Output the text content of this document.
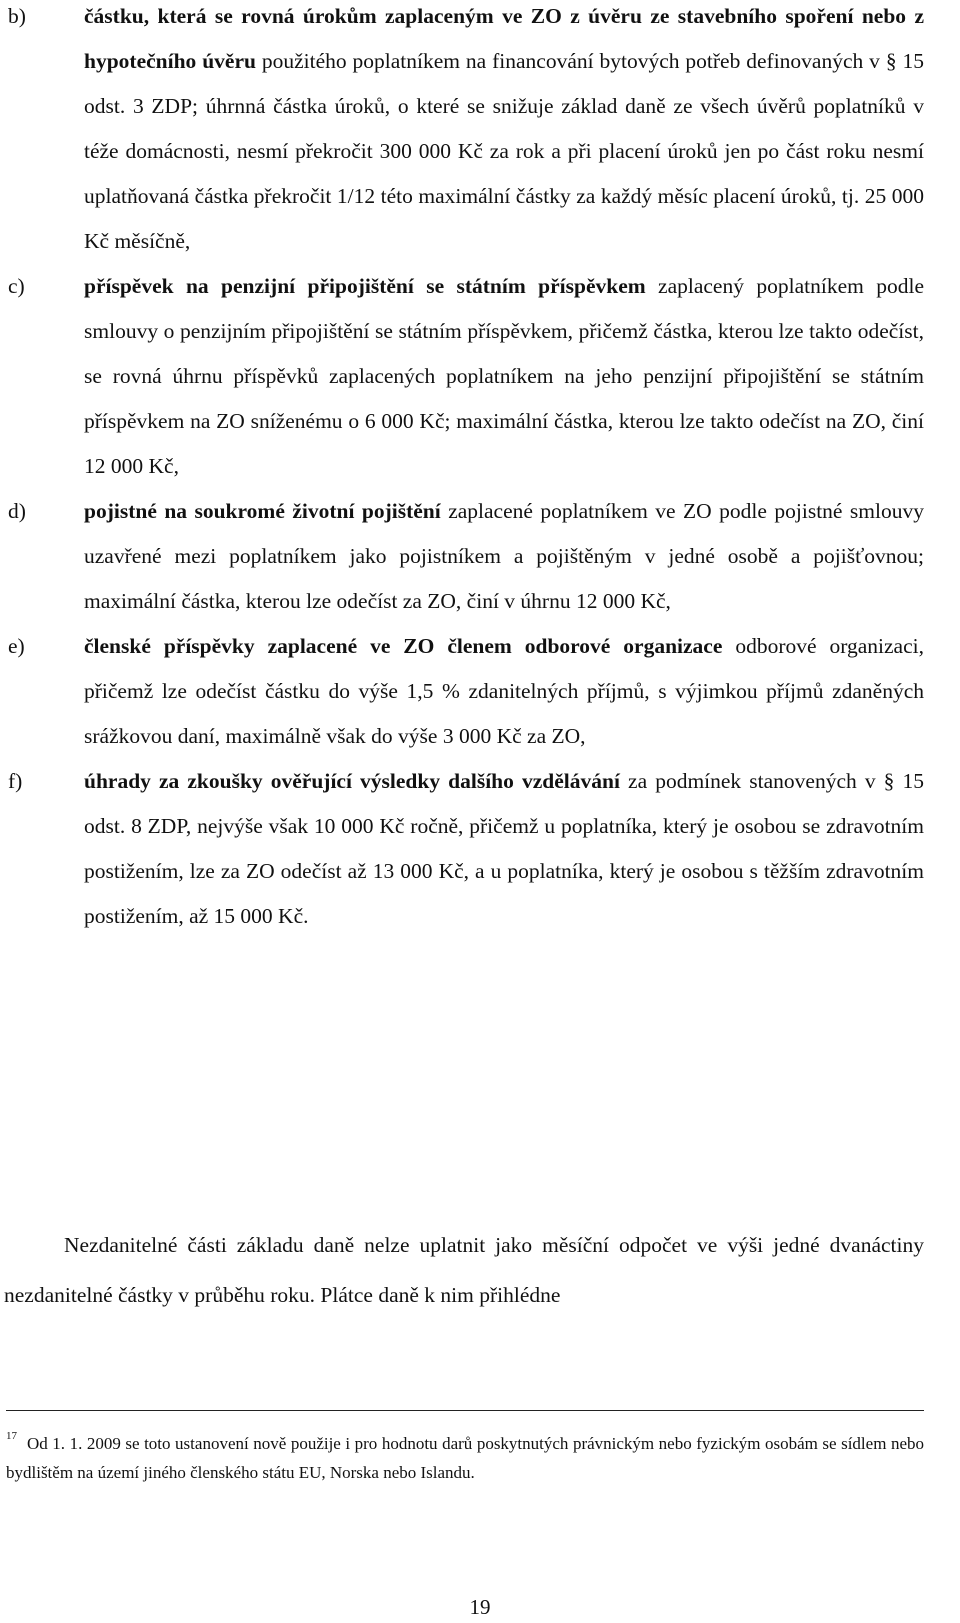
b)	částku, která se rovná úrokům zaplaceným ve ZO z úvěru ze stavebního spoření nebo z hypotečního úvěru použitého poplatníkem na financování bytových potřeb definovaných v § 15 odst. 3 ZDP; úhrnná částka úroků, o které se snižuje základ daně ze všech úvěrů poplatníků v téže domácnosti, nesmí překročit 300 000 Kč za rok a při placení úroků jen po část roku nesmí uplatňovaná částka překročit 1/12 této maximální částky za každý měsíc placení úroků, tj. 25 000 Kč měsíčně,
c)	příspěvek na penzijní připojištění se státním příspěvkem zaplacený poplatníkem podle smlouvy o penzijním připojištění se státním příspěvkem, přičemž částka, kterou lze takto odečíst, se rovná úhrnu příspěvků zaplacených poplatníkem na jeho penzijní připojištění se státním příspěvkem na ZO sníženému o 6 000 Kč; maximální částka, kterou lze takto odečíst na ZO, činí 12 000 Kč,
d)	pojistné na soukromé životní pojištění zaplacené poplatníkem ve ZO podle pojistné smlouvy uzavřené mezi poplatníkem jako pojistníkem a pojištěným v jedné osobě a pojišťovnou; maximální částka, kterou lze odečíst za ZO, činí v úhrnu 12 000 Kč,
e)	členské příspěvky zaplacené ve ZO členem odborové organizace odborové organizaci, přičemž lze odečíst částku do výše 1,5 % zdanitelných příjmů, s výjimkou příjmů zdaněných srážkovou daní, maximálně však do výše 3 000 Kč za ZO,
f)	úhrady za zkoušky ověřující výsledky dalšího vzdělávání za podmínek stanovených v § 15 odst. 8 ZDP, nejvýše však 10 000 Kč ročně, přičemž u poplatníka, který je osobou se zdravotním postižením, lze za ZO odečíst až 13 000 Kč, a u poplatníka, který je osobou s těžším zdravotním postižením, až 15 000 Kč.

Nezdanitelné části základu daně nelze uplatnit jako měsíční odpočet ve výši jedné dvanáctiny nezdanitelné částky v průběhu roku. Plátce daně k nim přihlédne

$^{17}$ Od 1. 1. 2009 se toto ustanovení nově použije i pro hodnotu darů poskytnutých právnickým nebo fyzickým osobám se sídlem nebo bydlištěm na území jiného členského státu EU, Norska nebo Islandu.
19
